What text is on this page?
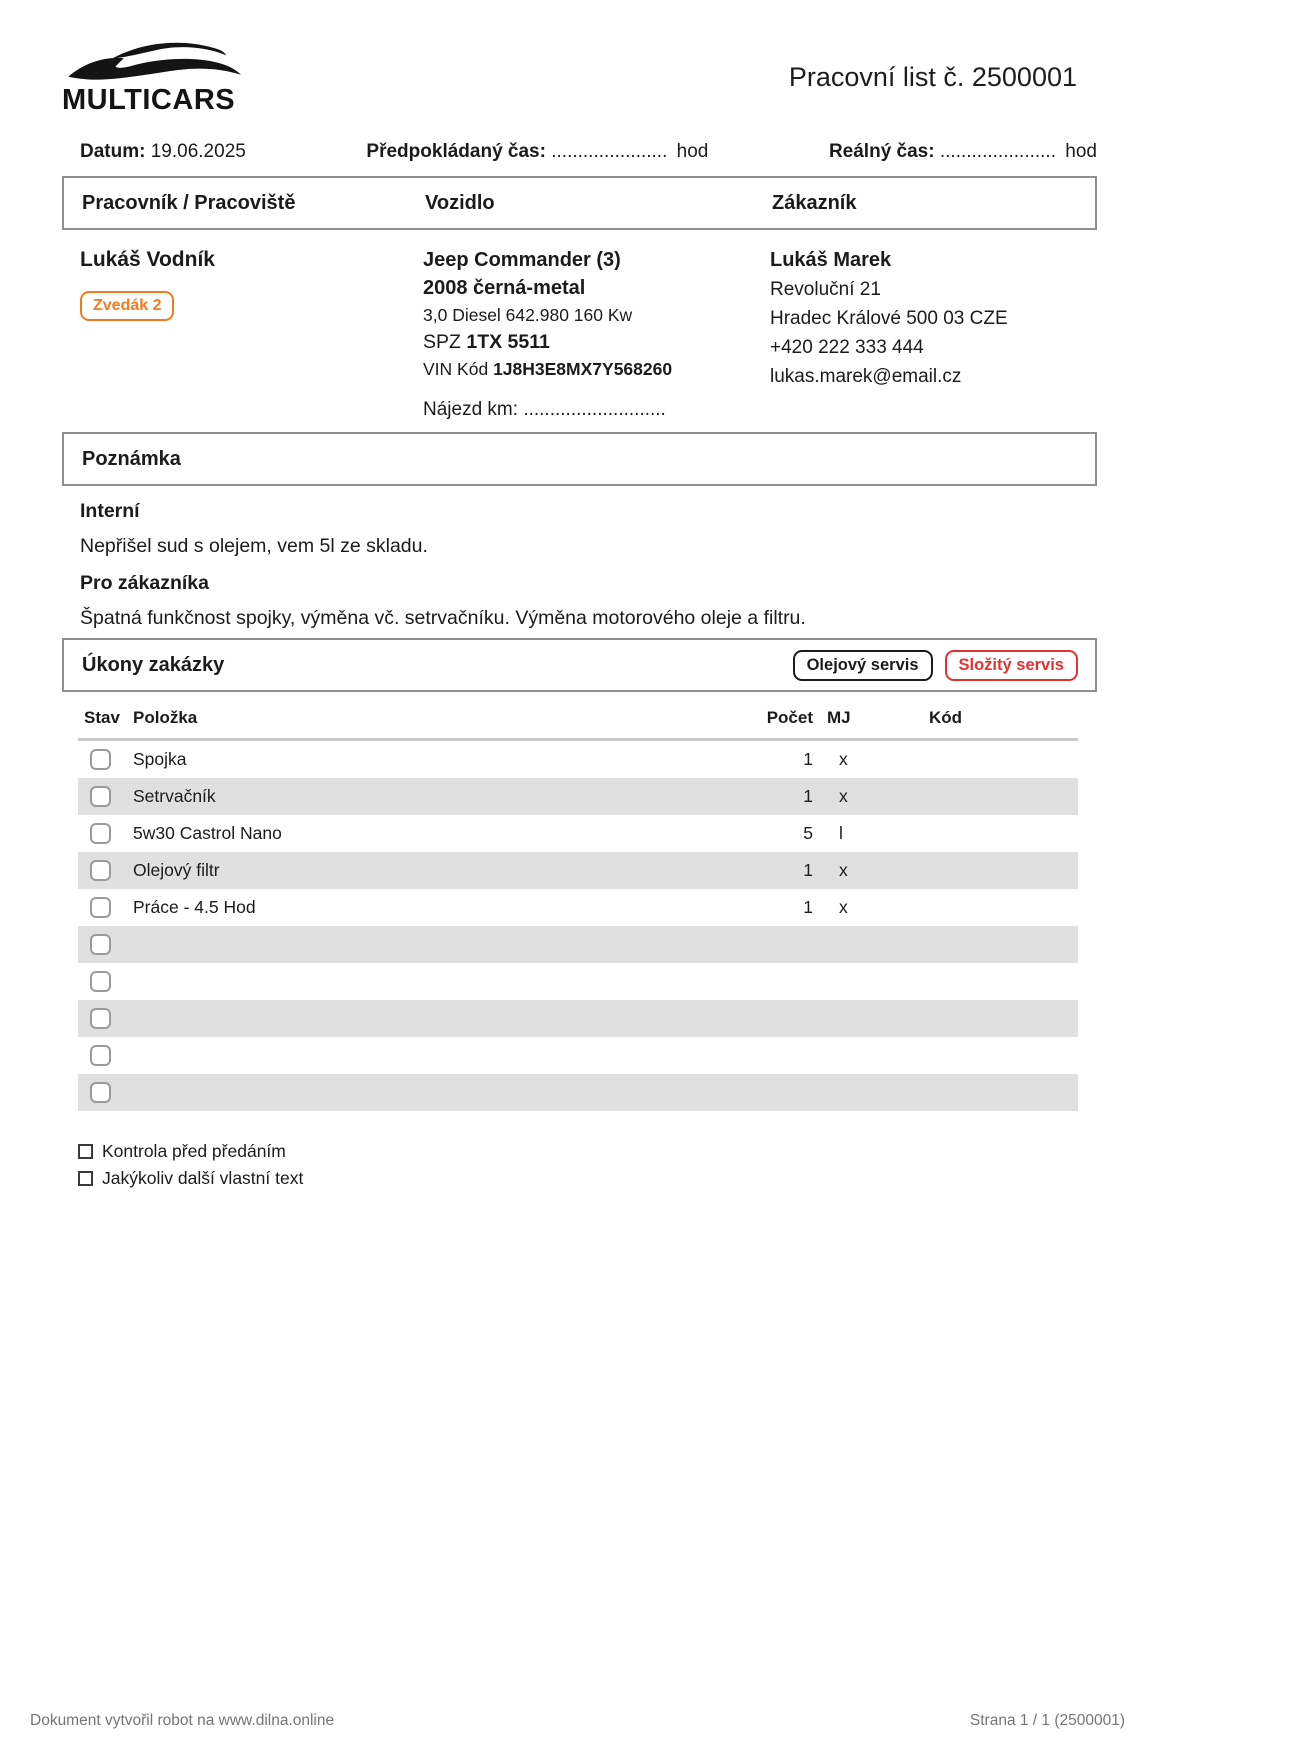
MULTICARS
Pracovní list č. 2500001
Datum: 19.06.2025	Předpokládaný čas: ...................... hod	Reálný čas: ...................... hod
Pracovník / Pracoviště	Vozidlo	Zákazník
Lukáš Vodník
Zvedák 2
Jeep Commander (3)
2008 černá-metal
3,0 Diesel 642.980 160 Kw
SPZ 1TX 5511
VIN Kód 1J8H3E8MX7Y568260
Nájezd km: ...........................
Lukáš Marek
Revoluční 21
Hradec Králové 500 03 CZE
+420 222 333 444
lukas.marek@email.cz
Poznámka
Interní
Nepřišel sud s olejem, vem 5l ze skladu.
Pro zákazníka
Špatná funkčnost spojky, výměna vč. setrvačníku. Výměna motorového oleje a filtru.
Úkony zakázky	Olejový servis	Složitý servis
Stav Položka	Počet MJ	Kód
Spojka	1	x
Setrvačník	1	x
5w30 Castrol Nano	5	l
Olejový filtr	1	x
Práce - 4.5 Hod	1	x
Kontrola před předáním
Jakýkoliv další vlastní text
Dokument vytvořil robot na www.dilna.online	Strana 1 / 1 (2500001)
